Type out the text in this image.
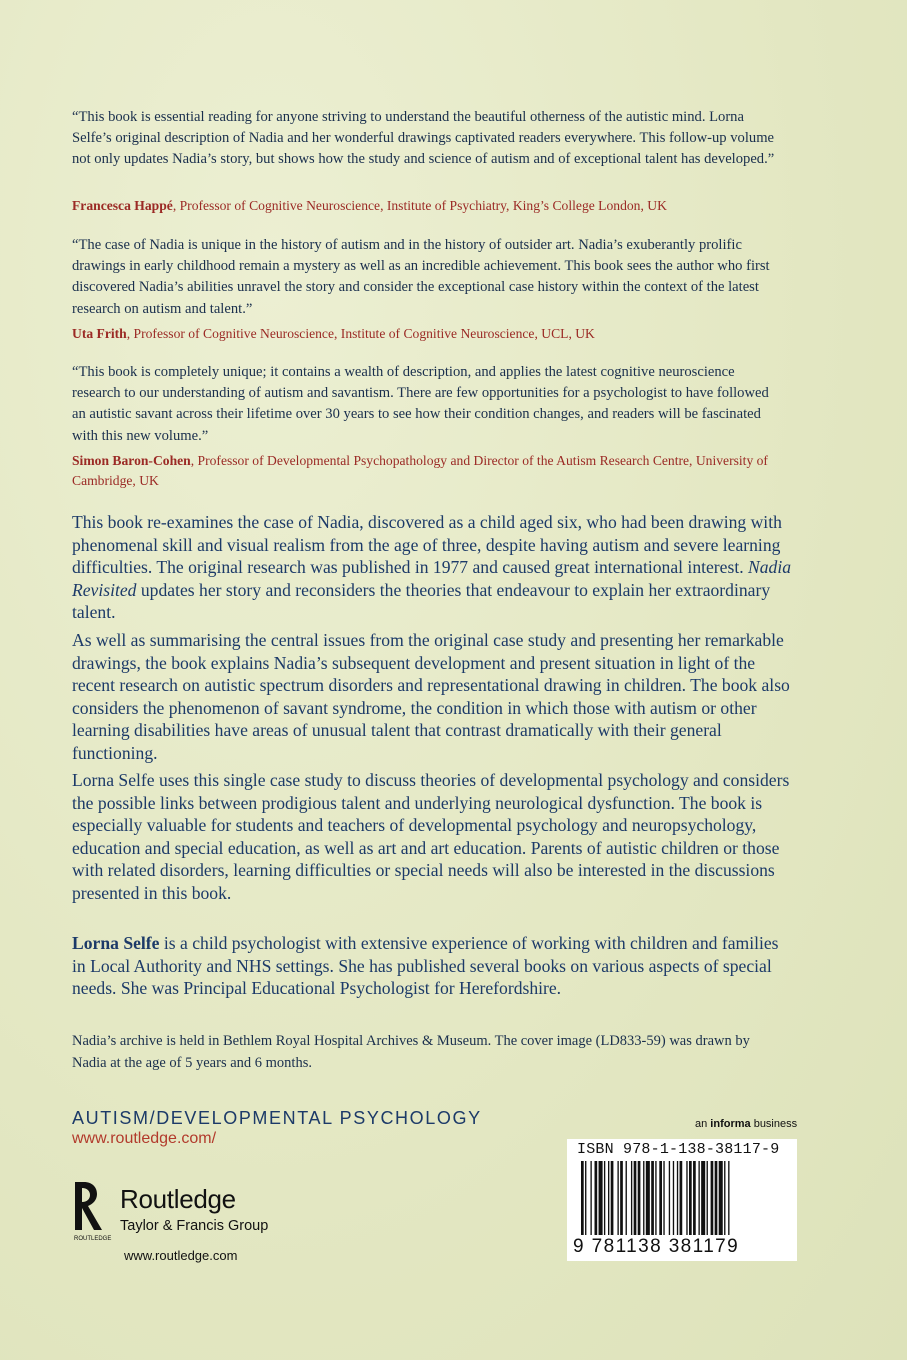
“This book is essential reading for anyone striving to understand the beautiful otherness of the autistic mind. Lorna Selfe’s original description of Nadia and her wonderful drawings captivated readers everywhere. This follow-up volume not only updates Nadia’s story, but shows how the study and science of autism and of exceptional talent has developed.”
Francesca Happé, Professor of Cognitive Neuroscience, Institute of Psychiatry, King’s College London, UK
“The case of Nadia is unique in the history of autism and in the history of outsider art. Nadia’s exuberantly prolific drawings in early childhood remain a mystery as well as an incredible achievement. This book sees the author who first discovered Nadia’s abilities unravel the story and consider the exceptional case history within the context of the latest research on autism and talent.”
Uta Frith, Professor of Cognitive Neuroscience, Institute of Cognitive Neuroscience, UCL, UK
“This book is completely unique; it contains a wealth of description, and applies the latest cognitive neuroscience research to our understanding of autism and savantism. There are few opportunities for a psychologist to have followed an autistic savant across their lifetime over 30 years to see how their condition changes, and readers will be fascinated with this new volume.”
Simon Baron-Cohen, Professor of Developmental Psychopathology and Director of the Autism Research Centre, University of Cambridge, UK
This book re-examines the case of Nadia, discovered as a child aged six, who had been drawing with phenomenal skill and visual realism from the age of three, despite having autism and severe learning difficulties. The original research was published in 1977 and caused great international interest. Nadia Revisited updates her story and reconsiders the theories that endeavour to explain her extraordinary talent.
As well as summarising the central issues from the original case study and presenting her remarkable drawings, the book explains Nadia’s subsequent development and present situation in light of the recent research on autistic spectrum disorders and representational drawing in children. The book also considers the phenomenon of savant syndrome, the condition in which those with autism or other learning disabilities have areas of unusual talent that contrast dramatically with their general functioning.
Lorna Selfe uses this single case study to discuss theories of developmental psychology and considers the possible links between prodigious talent and underlying neurological dysfunction. The book is especially valuable for students and teachers of developmental psychology and neuropsychology, education and special education, as well as art and art education. Parents of autistic children or those with related disorders, learning difficulties or special needs will also be interested in the discussions presented in this book.
Lorna Selfe is a child psychologist with extensive experience of working with children and families in Local Authority and NHS settings. She has published several books on various aspects of special needs. She was Principal Educational Psychologist for Herefordshire.
Nadia’s archive is held in Bethlem Royal Hospital Archives & Museum. The cover image (LD833-59) was drawn by Nadia at the age of 5 years and 6 months.
AUTISM/DEVELOPMENTAL PSYCHOLOGY
www.routledge.com/
ROUTLEDGE
Routledge
Taylor & Francis Group
www.routledge.com
an informa business
ISBN 978-1-138-38117-9
9 781138 381179
